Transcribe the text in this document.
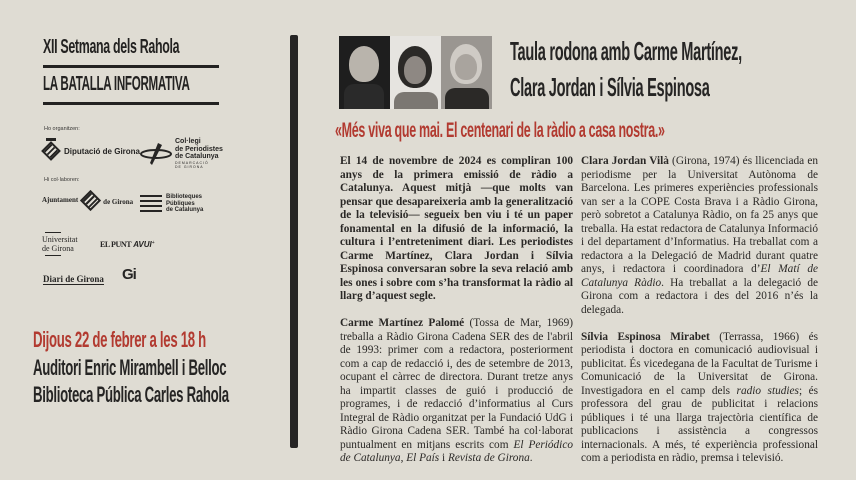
XII Setmana dels Rahola
LA BATALLA INFORMATIVA
Ho organitzen:
Diputació de Girona
Col·legi
de Periodistes
de Catalunya
DEMARCACIÓ
DE GIRONA
Hi col·laboren:
Ajuntament	de Girona
Biblioteques
Públiques
de Catalunya
Universitat
de Girona	EL PUNT AVUI +
Diari de Girona Gi
Dijous 22 de febrer a les 18 h
Auditori Enric Mirambell i Belloc
Biblioteca Pública Carles Rahola
Taula rodona amb Carme Martínez,
Clara Jordan i Sílvia Espinosa
«Més viva que mai. El centenari de la ràdio a casa nostra.»

El 14 de novembre de 2024 es compliran 100 anys de la primera emissió de ràdio a Catalunya. Aquest mitjà —que molts van pensar que desapareixeria amb la generalització de la televisió— segueix ben viu i té un paper fonamental en la difusió de la informació, la cultura i l’entreteniment diari. Les periodistes Carme Martínez, Clara Jordan i Sílvia Espinosa conversaran sobre la seva relació amb les ones i sobre com s’ha transformat la ràdio al llarg d’aquest segle.

Carme Martínez Palomé (Tossa de Mar, 1969) treballa a Ràdio Girona Cadena SER des de l'abril de 1993: primer com a redactora, posteriorment com a cap de redacció i, des de setembre de 2013, ocupant el càrrec de directora. Durant tretze anys ha impartit classes de guió i producció de programes, i de redacció d’informatius al Curs Integral de Ràdio organitzat per la Fundació UdG i Ràdio Girona Cadena SER. També ha col·laborat puntualment en mitjans escrits com El Periódico de Catalunya, El País i Revista de Girona.

Clara Jordan Vilà (Girona, 1974) és llicenciada en periodisme per la Universitat Autònoma de Barcelona. Les primeres experiències professionals van ser a la COPE Costa Brava i a Ràdio Girona, però sobretot a Catalunya Ràdio, on fa 25 anys que treballa. Ha estat redactora de Catalunya Informació i del departament d’Informatius. Ha treballat com a redactora a la Delegació de Madrid durant quatre anys, i redactora i coordinadora d’El Matí de Catalunya Ràdio. Ha treballat a la delegació de Girona com a redactora i des del 2016 n’és la delegada.

Sílvia Espinosa Mirabet (Terrassa, 1966) és periodista i doctora en comunicació audiovisual i publicitat. És vicedegana de la Facultat de Turisme i Comunicació de la Universitat de Girona. Investigadora en el camp dels radio studies; és professora del grau de publicitat i relacions públiques i té una llarga trajectòria científica de publicacions i assistència a congressos internacionals. A més, té experiència professional com a periodista en ràdio, premsa i televisió.
